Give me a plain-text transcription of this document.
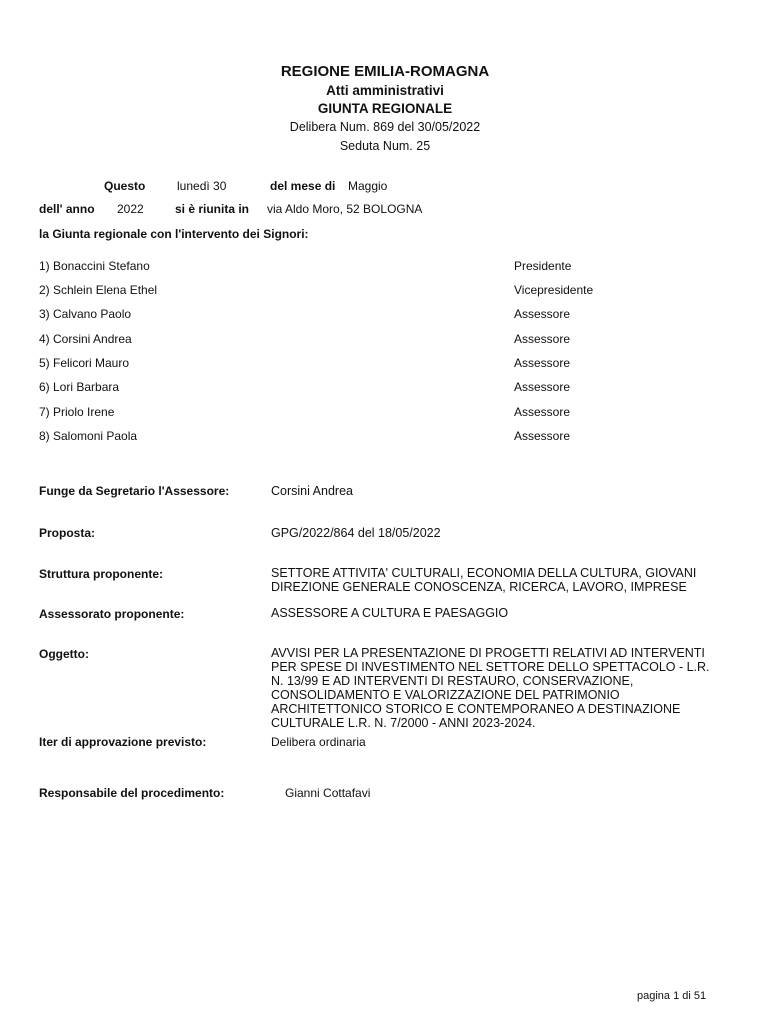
REGIONE EMILIA-ROMAGNA
Atti amministrativi
GIUNTA REGIONALE
Delibera Num. 869 del 30/05/2022
Seduta Num. 25
Questo	lunedì 30	del mese di Maggio
dell' anno 2022	si è riunita in via Aldo Moro, 52 BOLOGNA
la Giunta regionale con l'intervento dei Signori:
1) Bonaccini Stefano	Presidente
2) Schlein Elena Ethel	Vicepresidente
3) Calvano Paolo	Assessore
4) Corsini Andrea	Assessore
5) Felicori Mauro	Assessore
6) Lori Barbara	Assessore
7) Priolo Irene	Assessore
8) Salomoni Paola	Assessore
Funge da Segretario l'Assessore:	Corsini Andrea
Proposta:	GPG/2022/864 del 18/05/2022
Struttura proponente:	SETTORE ATTIVITA' CULTURALI, ECONOMIA DELLA CULTURA, GIOVANI
DIREZIONE GENERALE CONOSCENZA, RICERCA, LAVORO, IMPRESE
Assessorato proponente:	ASSESSORE A CULTURA E PAESAGGIO
Oggetto:	AVVISI PER LA PRESENTAZIONE DI PROGETTI RELATIVI AD INTERVENTI
PER SPESE DI INVESTIMENTO NEL SETTORE DELLO SPETTACOLO - L.R.
N. 13/99 E AD INTERVENTI DI RESTAURO, CONSERVAZIONE,
CONSOLIDAMENTO E VALORIZZAZIONE DEL PATRIMONIO
ARCHITETTONICO STORICO E CONTEMPORANEO A DESTINAZIONE
CULTURALE L.R. N. 7/2000 - ANNI 2023-2024.
Iter di approvazione previsto:	Delibera ordinaria
Responsabile del procedimento:	Gianni Cottafavi
pagina 1 di 51
